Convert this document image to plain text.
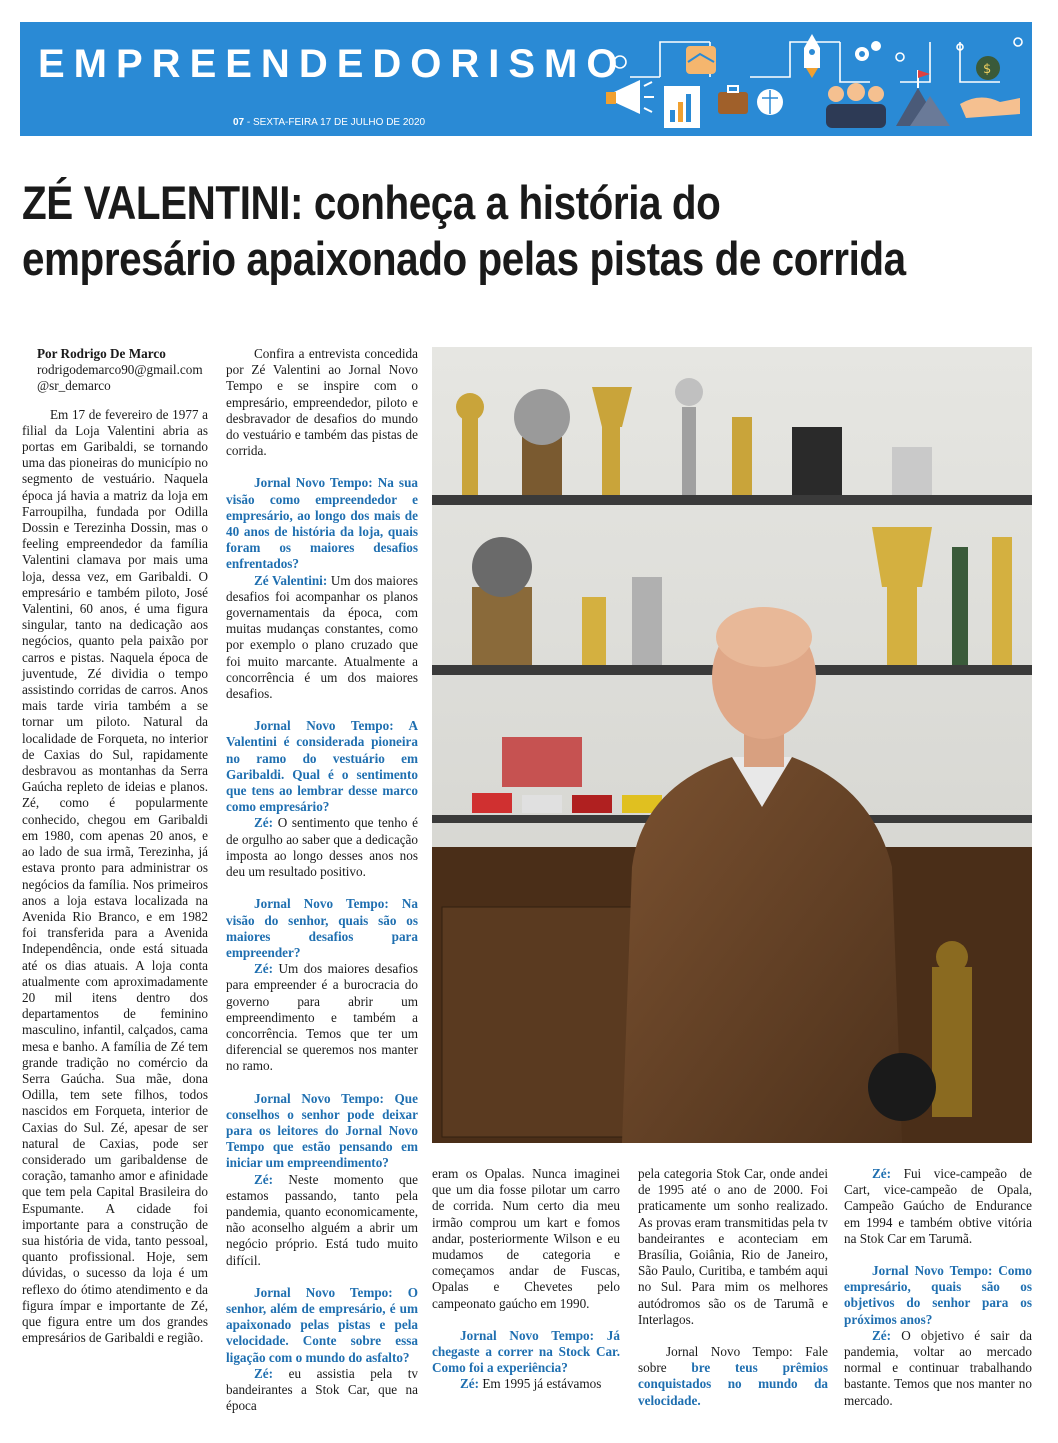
EMPREENDEDORISMO
07 - SEXTA-FEIRA 17 DE JULHO DE 2020
$
ZÉ VALENTINI: conheça a história do
empresário apaixonado pelas pistas de corrida

Por Rodrigo De Marco

rodrigodemarco90@gmail.com

@sr_demarco

Em 17 de fevereiro de 1977 a filial da Loja Valentini abria as portas em Garibaldi, se tornando uma das pioneiras do município no segmento de vestuário. Naquela época já havia a matriz da loja em Farroupilha, fundada por Odilla Dossin e Terezinha Dossin, mas o feeling empreendedor da família Valentini clamava por mais uma loja, dessa vez, em Garibaldi. O empresário e também piloto, José Valentini, 60 anos, é uma figura singular, tanto na dedicação aos negócios, quanto pela paixão por carros e pistas. Naquela época de juventude, Zé dividia o tempo assistindo corridas de carros. Anos mais tarde viria também a se tornar um piloto. Natural da localidade de Forqueta, no interior de Caxias do Sul, rapidamente desbravou as montanhas da Serra Gaúcha repleto de ideias e planos. Zé, como é popularmente conhecido, chegou em Garibaldi em 1980, com apenas 20 anos, e ao lado de sua irmã, Terezinha, já estava pronto para administrar os negócios da família. Nos primeiros anos a loja estava localizada na Avenida Rio Branco, e em 1982 foi transferida para a Avenida Independência, onde está situada até os dias atuais. A loja conta atualmente com aproximadamente 20 mil itens dentro dos departamentos de feminino masculino, infantil, calçados, cama mesa e banho. A família de Zé tem grande tradição no comércio da Serra Gaúcha. Sua mãe, dona Odilla, tem sete filhos, todos nascidos em Forqueta, interior de Caxias do Sul. Zé, apesar de ser natural de Caxias, pode ser considerado um garibaldense de coração, tamanho amor e afinidade que tem pela Capital Brasileira do Espumante. A cidade foi importante para a construção de sua história de vida, tanto pessoal, quanto profissional. Hoje, sem dúvidas, o sucesso da loja é um reflexo do ótimo atendimento e da figura ímpar e importante de Zé, que figura entre um dos grandes empresários de Garibaldi e região.

Confira a entrevista concedida por Zé Valentini ao Jornal Novo Tempo e se inspire com o empresário, empreendedor, piloto e desbravador de desafios do mundo do vestuário e também das pistas de corrida.

Jornal Novo Tempo: Na sua visão como empreendedor e empresário, ao longo dos mais de 40 anos de história da loja, quais foram os maiores desafios enfrentados?

Zé Valentini: Um dos maiores desafios foi acompanhar os planos governamentais da época, com muitas mudanças constantes, como por exemplo o plano cruzado que foi muito marcante. Atualmente a concorrência é um dos maiores desafios.

Jornal Novo Tempo: A Valentini é considerada pioneira no ramo do vestuário em Garibaldi. Qual é o sentimento que tens ao lembrar desse marco como empresário?

Zé: O sentimento que tenho é de orgulho ao saber que a dedicação imposta ao longo desses anos nos deu um resultado positivo.

Jornal Novo Tempo: Na visão do senhor, quais são os maiores desafios para empreender?

Zé: Um dos maiores desafios para empreender é a burocracia do governo para abrir um empreendimento e também a concorrência. Temos que ter um diferencial se queremos nos manter no ramo.

Jornal Novo Tempo: Que conselhos o senhor pode deixar para os leitores do Jornal Novo Tempo que estão pensando em iniciar um empreendimento?

Zé: Neste momento que estamos passando, tanto pela pandemia, quanto economicamente, não aconselho alguém a abrir um negócio próprio. Está tudo muito difícil.

Jornal Novo Tempo: O senhor, além de empresário, é um apaixonado pelas pistas e pela velocidade. Conte sobre essa ligação com o mundo do asfalto?

Zé: eu assistia pela tv bandeirantes a Stok Car, que na época

eram os Opalas. Nunca imaginei que um dia fosse pilotar um carro de corrida. Num certo dia meu irmão comprou um kart e fomos andar, posteriormente Wilson e eu mudamos de categoria e começamos andar de Fuscas, Opalas e Chevetes pelo campeonato gaúcho em 1990.

Jornal Novo Tempo: Já chegaste a correr na Stock Car. Como foi a experiência?

Zé: Em 1995 já estávamos

pela categoria Stok Car, onde andei de 1995 até o ano de 2000. Foi praticamente um sonho realizado. As provas eram transmitidas pela tv bandeirantes e aconteciam em Brasília, Goiânia, Rio de Janeiro, São Paulo, Curitiba, e também aqui no Sul. Para mim os melhores autódromos são os de Tarumã e Interlagos.

Jornal Novo Tempo: Fale sobre bre teus prêmios conquistados no mundo da velocidade.

Zé: Fui vice-campeão de Cart, vice-campeão de Opala, Campeão Gaúcho de Endurance em 1994 e também obtive vitória na Stok Car em Tarumã.

Jornal Novo Tempo: Como empresário, quais são os objetivos do senhor para os próximos anos?

Zé: O objetivo é sair da pandemia, voltar ao mercado normal e continuar trabalhando bastante. Temos que nos manter no mercado.
